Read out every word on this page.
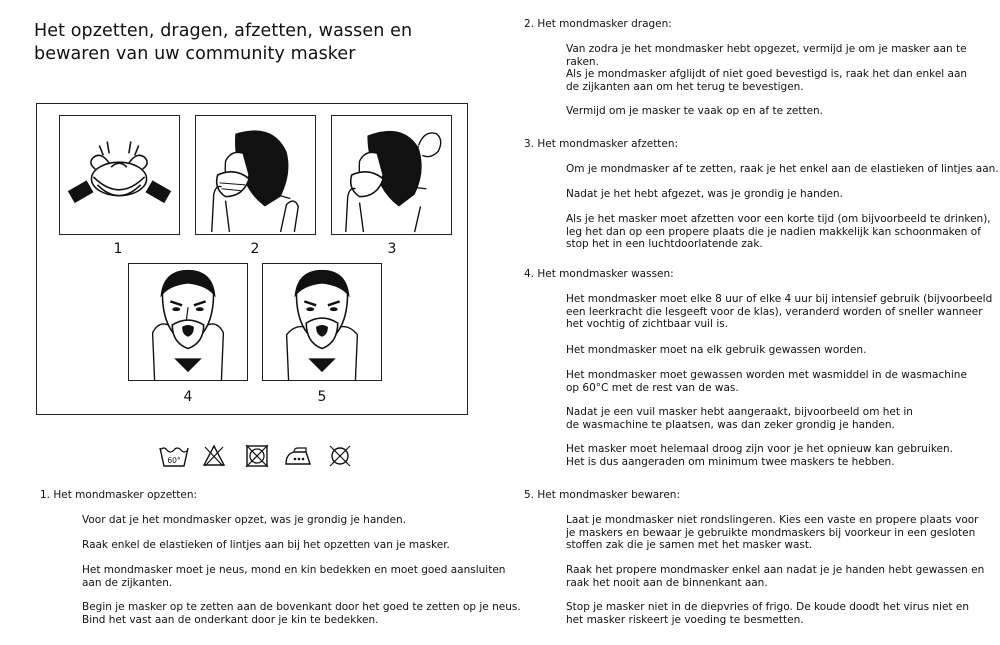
Het opzetten, dragen, afzetten, wassen en
bewaren van uw community masker
1	2	3
4	5
60°
1. Het mondmasker opzetten:
Voor dat je het mondmasker opzet, was je grondig je handen.
Raak enkel de elastieken of lintjes aan bij het opzetten van je masker.
Het mondmasker moet je neus, mond en kin bedekken en moet goed aansluiten
aan de zijkanten.
Begin je masker op te zetten aan de bovenkant door het goed te zetten op je neus.
Bind het vast aan de onderkant door je kin te bedekken.
2. Het mondmasker dragen:
Van zodra je het mondmasker hebt opgezet, vermijd je om je masker aan te raken.
Als je mondmasker afglijdt of niet goed bevestigd is, raak het dan enkel aan
de zijkanten aan om het terug te bevestigen.
Vermijd om je masker te vaak op en af te zetten.
3. Het mondmasker afzetten:
Om je mondmasker af te zetten, raak je het enkel aan de elastieken of lintjes aan.
Nadat je het hebt afgezet, was je grondig je handen.
Als je het masker moet afzetten voor een korte tijd (om bijvoorbeeld te drinken),
leg het dan op een propere plaats die je nadien makkelijk kan schoonmaken of
stop het in een luchtdoorlatende zak.
4. Het mondmasker wassen:
Het mondmasker moet elke 8 uur of elke 4 uur bij intensief gebruik (bijvoorbeeld
een leerkracht die lesgeeft voor de klas), veranderd worden of sneller wanneer
het vochtig of zichtbaar vuil is.
Het mondmasker moet na elk gebruik gewassen worden.
Het mondmasker moet gewassen worden met wasmiddel in de wasmachine
op 60°C met de rest van de was.
Nadat je een vuil masker hebt aangeraakt, bijvoorbeeld om het in
de wasmachine te plaatsen, was dan zeker grondig je handen.
Het masker moet helemaal droog zijn voor je het opnieuw kan gebruiken.
Het is dus aangeraden om minimum twee maskers te hebben.
5. Het mondmasker bewaren:
Laat je mondmasker niet rondslingeren. Kies een vaste en propere plaats voor
je maskers en bewaar je gebruikte mondmaskers bij voorkeur in een gesloten
stoffen zak die je samen met het masker wast.
Raak het propere mondmasker enkel aan nadat je je handen hebt gewassen en
raak het nooit aan de binnenkant aan.
Stop je masker niet in de diepvries of frigo. De koude doodt het virus niet en
het masker riskeert je voeding te besmetten.
